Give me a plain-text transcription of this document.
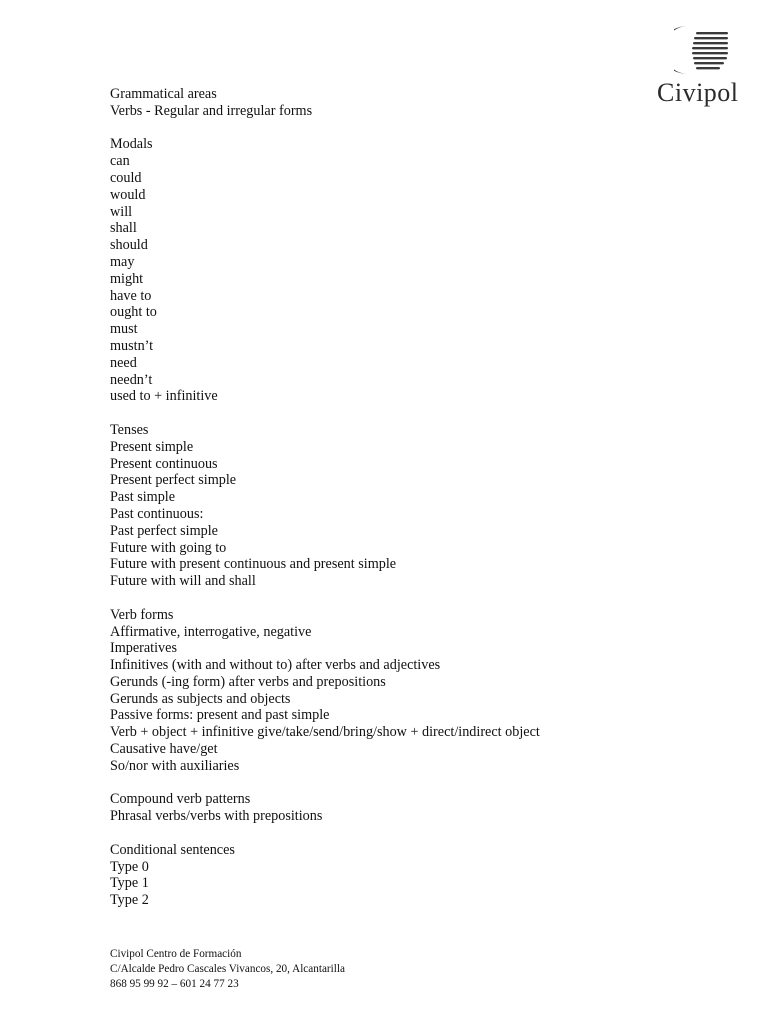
Civipol
Grammatical areas
Verbs - Regular and irregular forms
Modals
can
could
would
will
shall
should
may
might
have to
ought to
must
mustn’t
need
needn’t
used to + infinitive
Tenses
Present simple
Present continuous
Present perfect simple
Past simple
Past continuous:
Past perfect simple
Future with going to
Future with present continuous and present simple
Future with will and shall
Verb forms
Affirmative, interrogative, negative
Imperatives
Infinitives (with and without to) after verbs and adjectives
Gerunds (-ing form) after verbs and prepositions
Gerunds as subjects and objects
Passive forms: present and past simple
Verb + object + infinitive give/take/send/bring/show + direct/indirect object
Causative have/get
So/nor with auxiliaries
Compound verb patterns
Phrasal verbs/verbs with prepositions
Conditional sentences
Type 0
Type 1
Type 2
Civipol Centro de Formación
C/Alcalde Pedro Cascales Vivancos, 20, Alcantarilla
868 95 99 92 – 601 24 77 23
